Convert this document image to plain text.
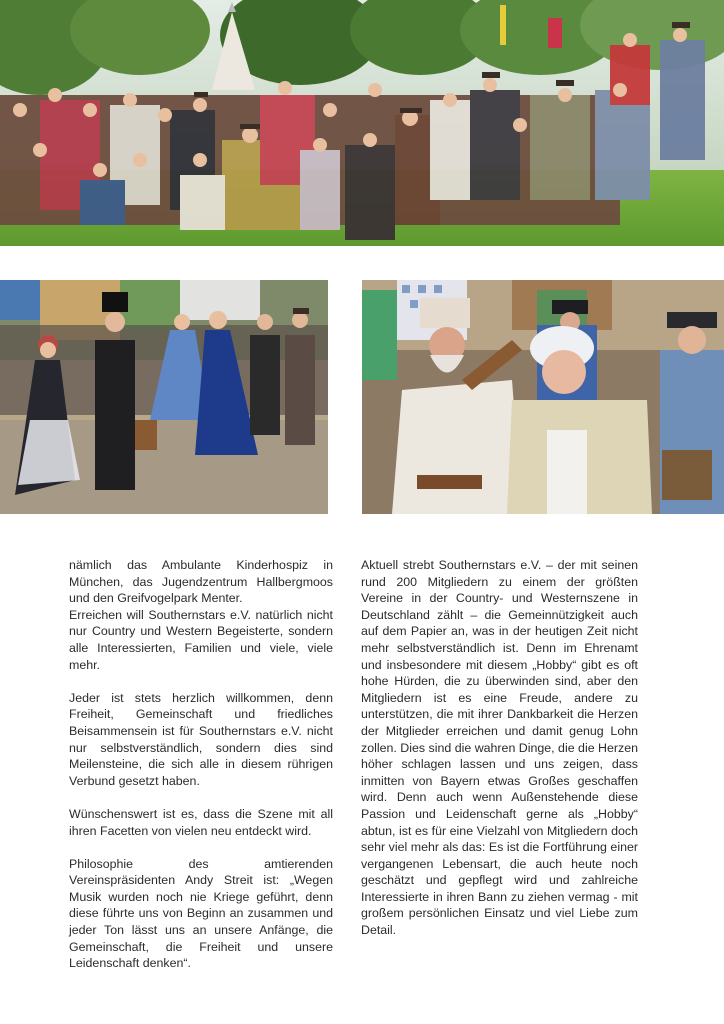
nämlich das Ambulante Kinderhospiz in München, das Jugendzentrum Hallbergmoos und den Greifvogelpark Menter.

Erreichen will Southernstars e.V. natürlich nicht nur Country und Western Begeisterte, sondern alle Interessierten, Familien und viele, viele mehr.

Jeder ist stets herzlich willkommen, denn Freiheit, Gemeinschaft und friedliches Beisammensein ist für Southernstars e.V. nicht nur selbstverständlich, sondern dies sind Meilensteine, die sich alle in diesem rührigen Verbund gesetzt haben.

Wünschenswert ist es, dass die Szene mit all ihren Facetten von vielen neu entdeckt wird.

Philosophie des amtierenden Vereinspräsidenten Andy Streit ist: „Wegen Musik wurden noch nie Kriege geführt, denn diese führte uns von Beginn an zusammen und jeder Ton lässt uns an unsere Anfänge, die Gemeinschaft, die Freiheit und unsere Leidenschaft denken“.

Aktuell strebt Southernstars e.V. – der mit seinen rund 200 Mitgliedern zu einem der größten Vereine in der Country- und Westernszene in Deutschland zählt – die Gemeinnützigkeit auch auf dem Papier an, was in der heutigen Zeit nicht mehr selbstverständlich ist. Denn im Ehrenamt und insbesondere mit diesem „Hobby“ gibt es oft hohe Hürden, die zu überwinden sind, aber den Mitgliedern ist es eine Freude, andere zu unterstützen, die mit ihrer Dankbarkeit die Herzen der Mitglieder erreichen und damit genug Lohn zollen. Dies sind die wahren Dinge, die die Herzen höher schlagen lassen und uns zeigen, dass inmitten von Bayern etwas Großes geschaffen wird. Denn auch wenn Außenstehende diese Passion und Leidenschaft gerne als „Hobby“ abtun, ist es für eine Vielzahl von Mitgliedern doch sehr viel mehr als das: Es ist die Fortführung einer vergangenen Lebensart, die auch heute noch geschätzt und gepflegt wird und zahlreiche Interessierte in ihren Bann zu ziehen vermag - mit großem persönlichen Einsatz und viel Liebe zum Detail.
